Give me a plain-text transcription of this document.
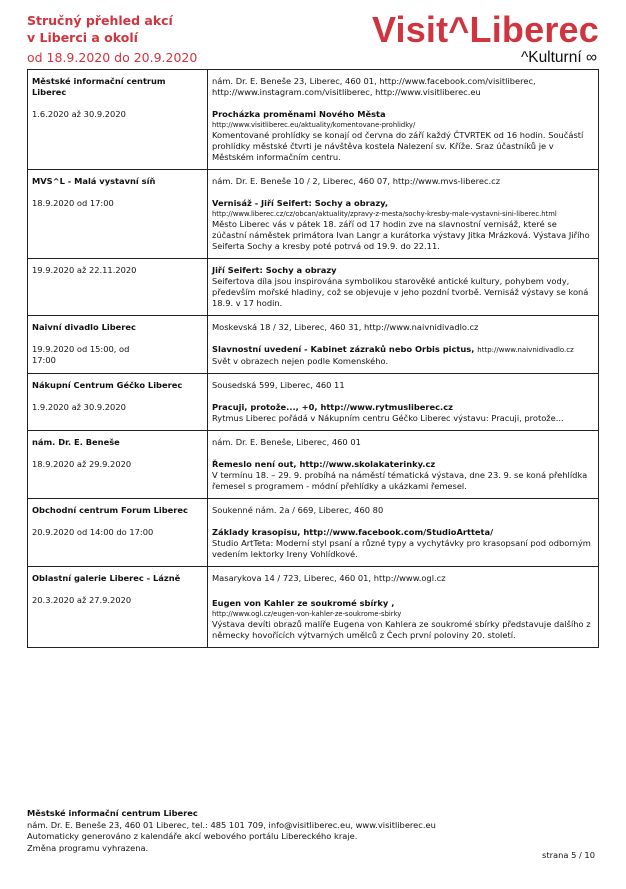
Stručný přehled akcí
v Liberci a okolí
od 18.9.2020 do 20.9.2020
Visit^Liberec
^Kulturní ∞
Městské informační centrum Liberec
1.6.2020 až 30.9.2020
nám. Dr. E. Beneše 23, Liberec, 460 01, http://www.facebook.com/visitliberec, http://www.instagram.com/visitliberec, http://www.visitliberec.eu
Procházka proměnami Nového Města
http://www.visitliberec.eu/aktuality/komentovane-prohlidky/
Komentované prohlídky se konají od června do září každý ČTVRTEK od 16 hodin. Součástí prohlídky městské čtvrti je návštěva kostela Nalezení sv. Kříže. Sraz účastníků je v Městském informačním centru.
MVS^L - Malá vystavní síň
18.9.2020 od 17:00
nám. Dr. E. Beneše 10 / 2, Liberec, 460 07, http://www.mvs-liberec.cz
Vernisáž - Jiří Seifert: Sochy a obrazy,
http://www.liberec.cz/cz/obcan/aktuality/zpravy-z-mesta/sochy-kresby-male-vystavni-sini-liberec.html
Město Liberec vás v pátek 18. září od 17 hodin zve na slavnostní vernisáž, které se zúčastní náměstek primátora Ivan Langr a kurátorka výstavy Jitka Mrázková. Výstava Jiřího Seiferta Sochy a kresby poté potrvá od 19.9. do 22.11.
19.9.2020 až 22.11.2020	Jiří Seifert: Sochy a obrazy
Seifertova díla jsou inspirována symbolikou starověké antické kultury, pohybem vody, především mořské hladiny, což se objevuje v jeho pozdní tvorbě. Vernisáž výstavy se koná 18.9. v 17 hodin.
Naivní divadlo Liberec
19.9.2020 od 15:00, od 17:00
Moskevská 18 / 32, Liberec, 460 31, http://www.naivnidivadlo.cz
Slavnostní uvedení - Kabinet zázraků nebo Orbis pictus, http://www.naivnidivadlo.cz
Svět v obrazech nejen podle Komenského.
Nákupní Centrum Géčko Liberec
1.9.2020 až 30.9.2020
Sousedská 599, Liberec, 460 11
Pracuji, protože..., +0, http://www.rytmusliberec.cz
Rytmus Liberec pořádá v Nákupním centru Géčko Liberec výstavu: Pracuji, protože...
nám. Dr. E. Beneše
18.9.2020 až 29.9.2020
nám. Dr. E. Beneše, Liberec, 460 01
Řemeslo není out, http://www.skolakaterinky.cz
V termínu 18. – 29. 9. probíhá na náměstí tématická výstava, dne 23. 9. se koná přehlídka řemesel s programem - módní přehlídky a ukázkami řemesel.
Obchodní centrum Forum Liberec
20.9.2020 od 14:00 do 17:00
Soukenné nám. 2a / 669, Liberec, 460 80
Základy krasopisu, http://www.facebook.com/StudioArtteta/
Studio ArtTeta: Moderní styl psaní a různé typy a vychytávky pro krasopsaní pod odborným vedením lektorky Ireny Vohlídkové.
Oblastní galerie Liberec - Lázně
20.3.2020 až 27.9.2020
Masarykova 14 / 723, Liberec, 460 01, http://www.ogl.cz
Eugen von Kahler ze soukromé sbírky ,
http://www.ogl.cz/eugen-von-kahler-ze-soukrome-sbirky
Výstava devíti obrazů malíře Eugena von Kahlera ze soukromé sbírky představuje dalšího z německy hovořících výtvarných umělců z Čech první poloviny 20. století.
Městské informační centrum Liberec
nám. Dr. E. Beneše 23, 460 01 Liberec, tel.: 485 101 709, info@visitliberec.eu, www.visitliberec.eu
Automaticky generováno z kalendáře akcí webového portálu Libereckého kraje.
Změna programu vyhrazena.
strana 5 / 10
